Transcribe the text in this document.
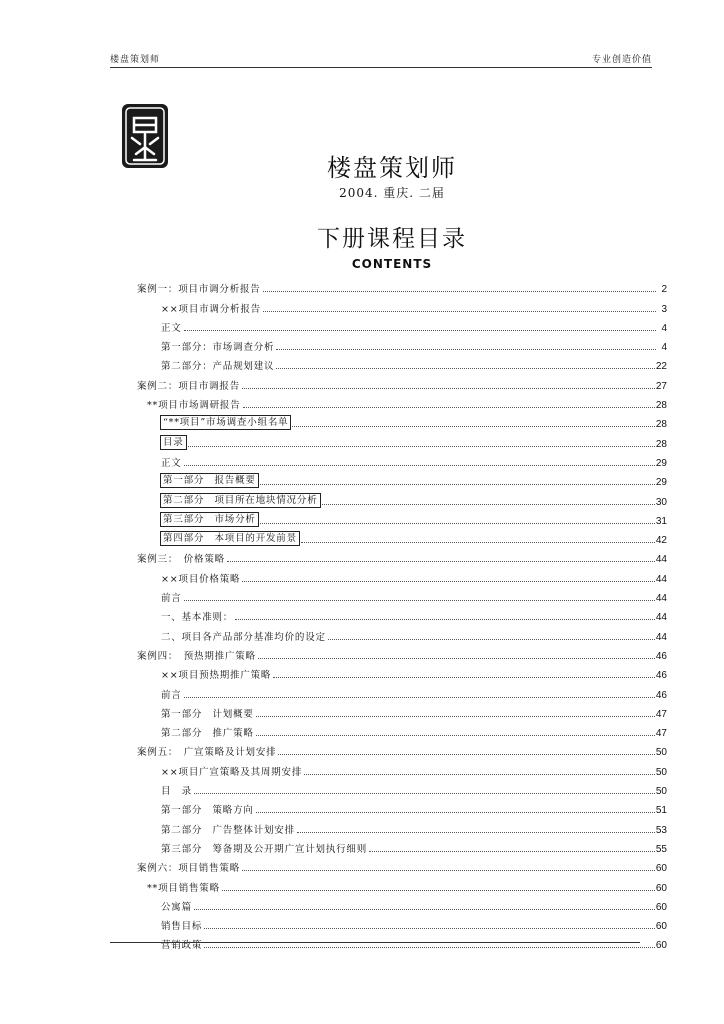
楼盘策划师	专业创造价值
楼盘策划师
2004. 重庆. 二届
下册课程目录
CONTENTS
案例一：项目市调分析报告	2
××项目市调分析报告	3
正文	4
第一部分：市场调查分析	4
第二部分：产品规划建议	22
案例二：项目市调报告	27
**项目市场调研报告	28
“**项目”市场调查小组名单	28
目录	28
正文	29
第一部分　报告概要	29
第二部分　项目所在地块情况分析	30
第三部分　市场分析	31
第四部分　本项目的开发前景	42
案例三：　价格策略	44
××项目价格策略	44
前言	44
一、基本准则：	44
二、项目各产品部分基准均价的设定	44
案例四：　预热期推广策略	46
××项目预热期推广策略	46
前言	46
第一部分　计划概要	47
第二部分　推广策略	47
案例五：　广宣策略及计划安排	50
××项目广宣策略及其周期安排	50
目　录	50
第一部分　策略方向	51
第二部分　广告整体计划安排	53
第三部分　筹备期及公开期广宣计划执行细则	55
案例六：项目销售策略	60
**项目销售策略	60
公寓篇	60
销售目标	60
营销政策	60
